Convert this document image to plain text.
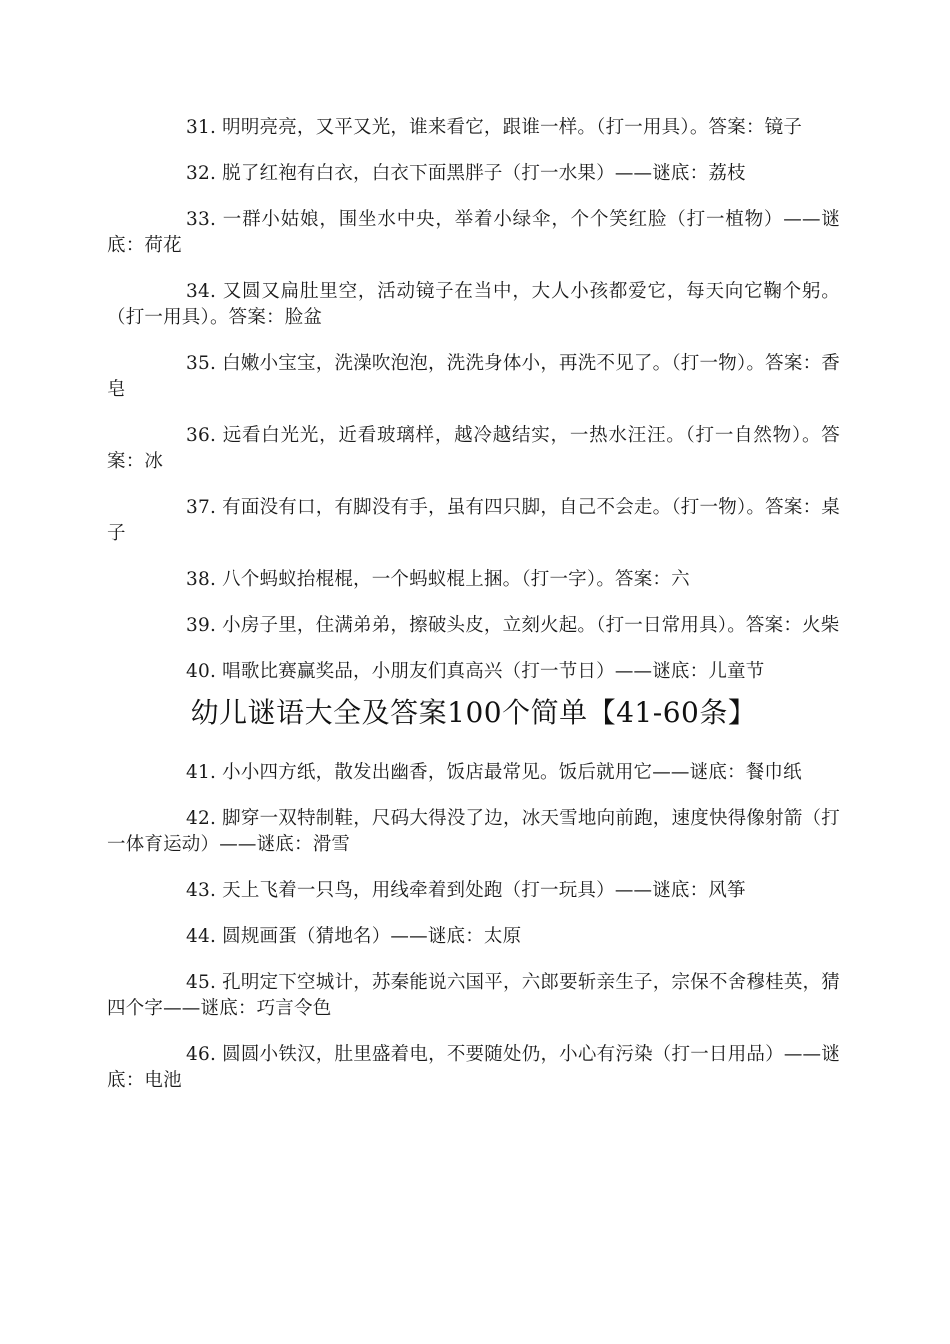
31. 明明亮亮，又平又光，谁来看它，跟谁一样。（打一用具）。答案：镜子

32. 脱了红袍有白衣，白衣下面黑胖子（打一水果）——谜底：荔枝

33. 一群小姑娘，围坐水中央，举着小绿伞，个个笑红脸（打一植物）——谜底：荷花

34. 又圆又扁肚里空，活动镜子在当中，大人小孩都爱它，每天向它鞠个躬。（打一用具）。答案：脸盆

35. 白嫩小宝宝，洗澡吹泡泡，洗洗身体小，再洗不见了。（打一物）。答案：香皂

36. 远看白光光，近看玻璃样，越冷越结实，一热水汪汪。（打一自然物）。答案：冰

37. 有面没有口，有脚没有手，虽有四只脚，自己不会走。（打一物）。答案：桌子

38. 八个蚂蚁抬棍棍，一个蚂蚁棍上捆。（打一字）。答案：六

39. 小房子里，住满弟弟，擦破头皮，立刻火起。（打一日常用具）。答案：火柴

40. 唱歌比赛赢奖品，小朋友们真高兴（打一节日）——谜底：儿童节

幼儿谜语大全及答案100个简单【41-60条】

41. 小小四方纸，散发出幽香，饭店最常见。饭后就用它——谜底：餐巾纸

42. 脚穿一双特制鞋，尺码大得没了边，冰天雪地向前跑，速度快得像射箭（打一体育运动）——谜底：滑雪

43. 天上飞着一只鸟，用线牵着到处跑（打一玩具）——谜底：风筝

44. 圆规画蛋（猜地名）——谜底：太原

45. 孔明定下空城计，苏秦能说六国平，六郎要斩亲生子，宗保不舍穆桂英，猜四个字——谜底：巧言令色

46. 圆圆小铁汉，肚里盛着电，不要随处仍，小心有污染（打一日用品）——谜底：电池
